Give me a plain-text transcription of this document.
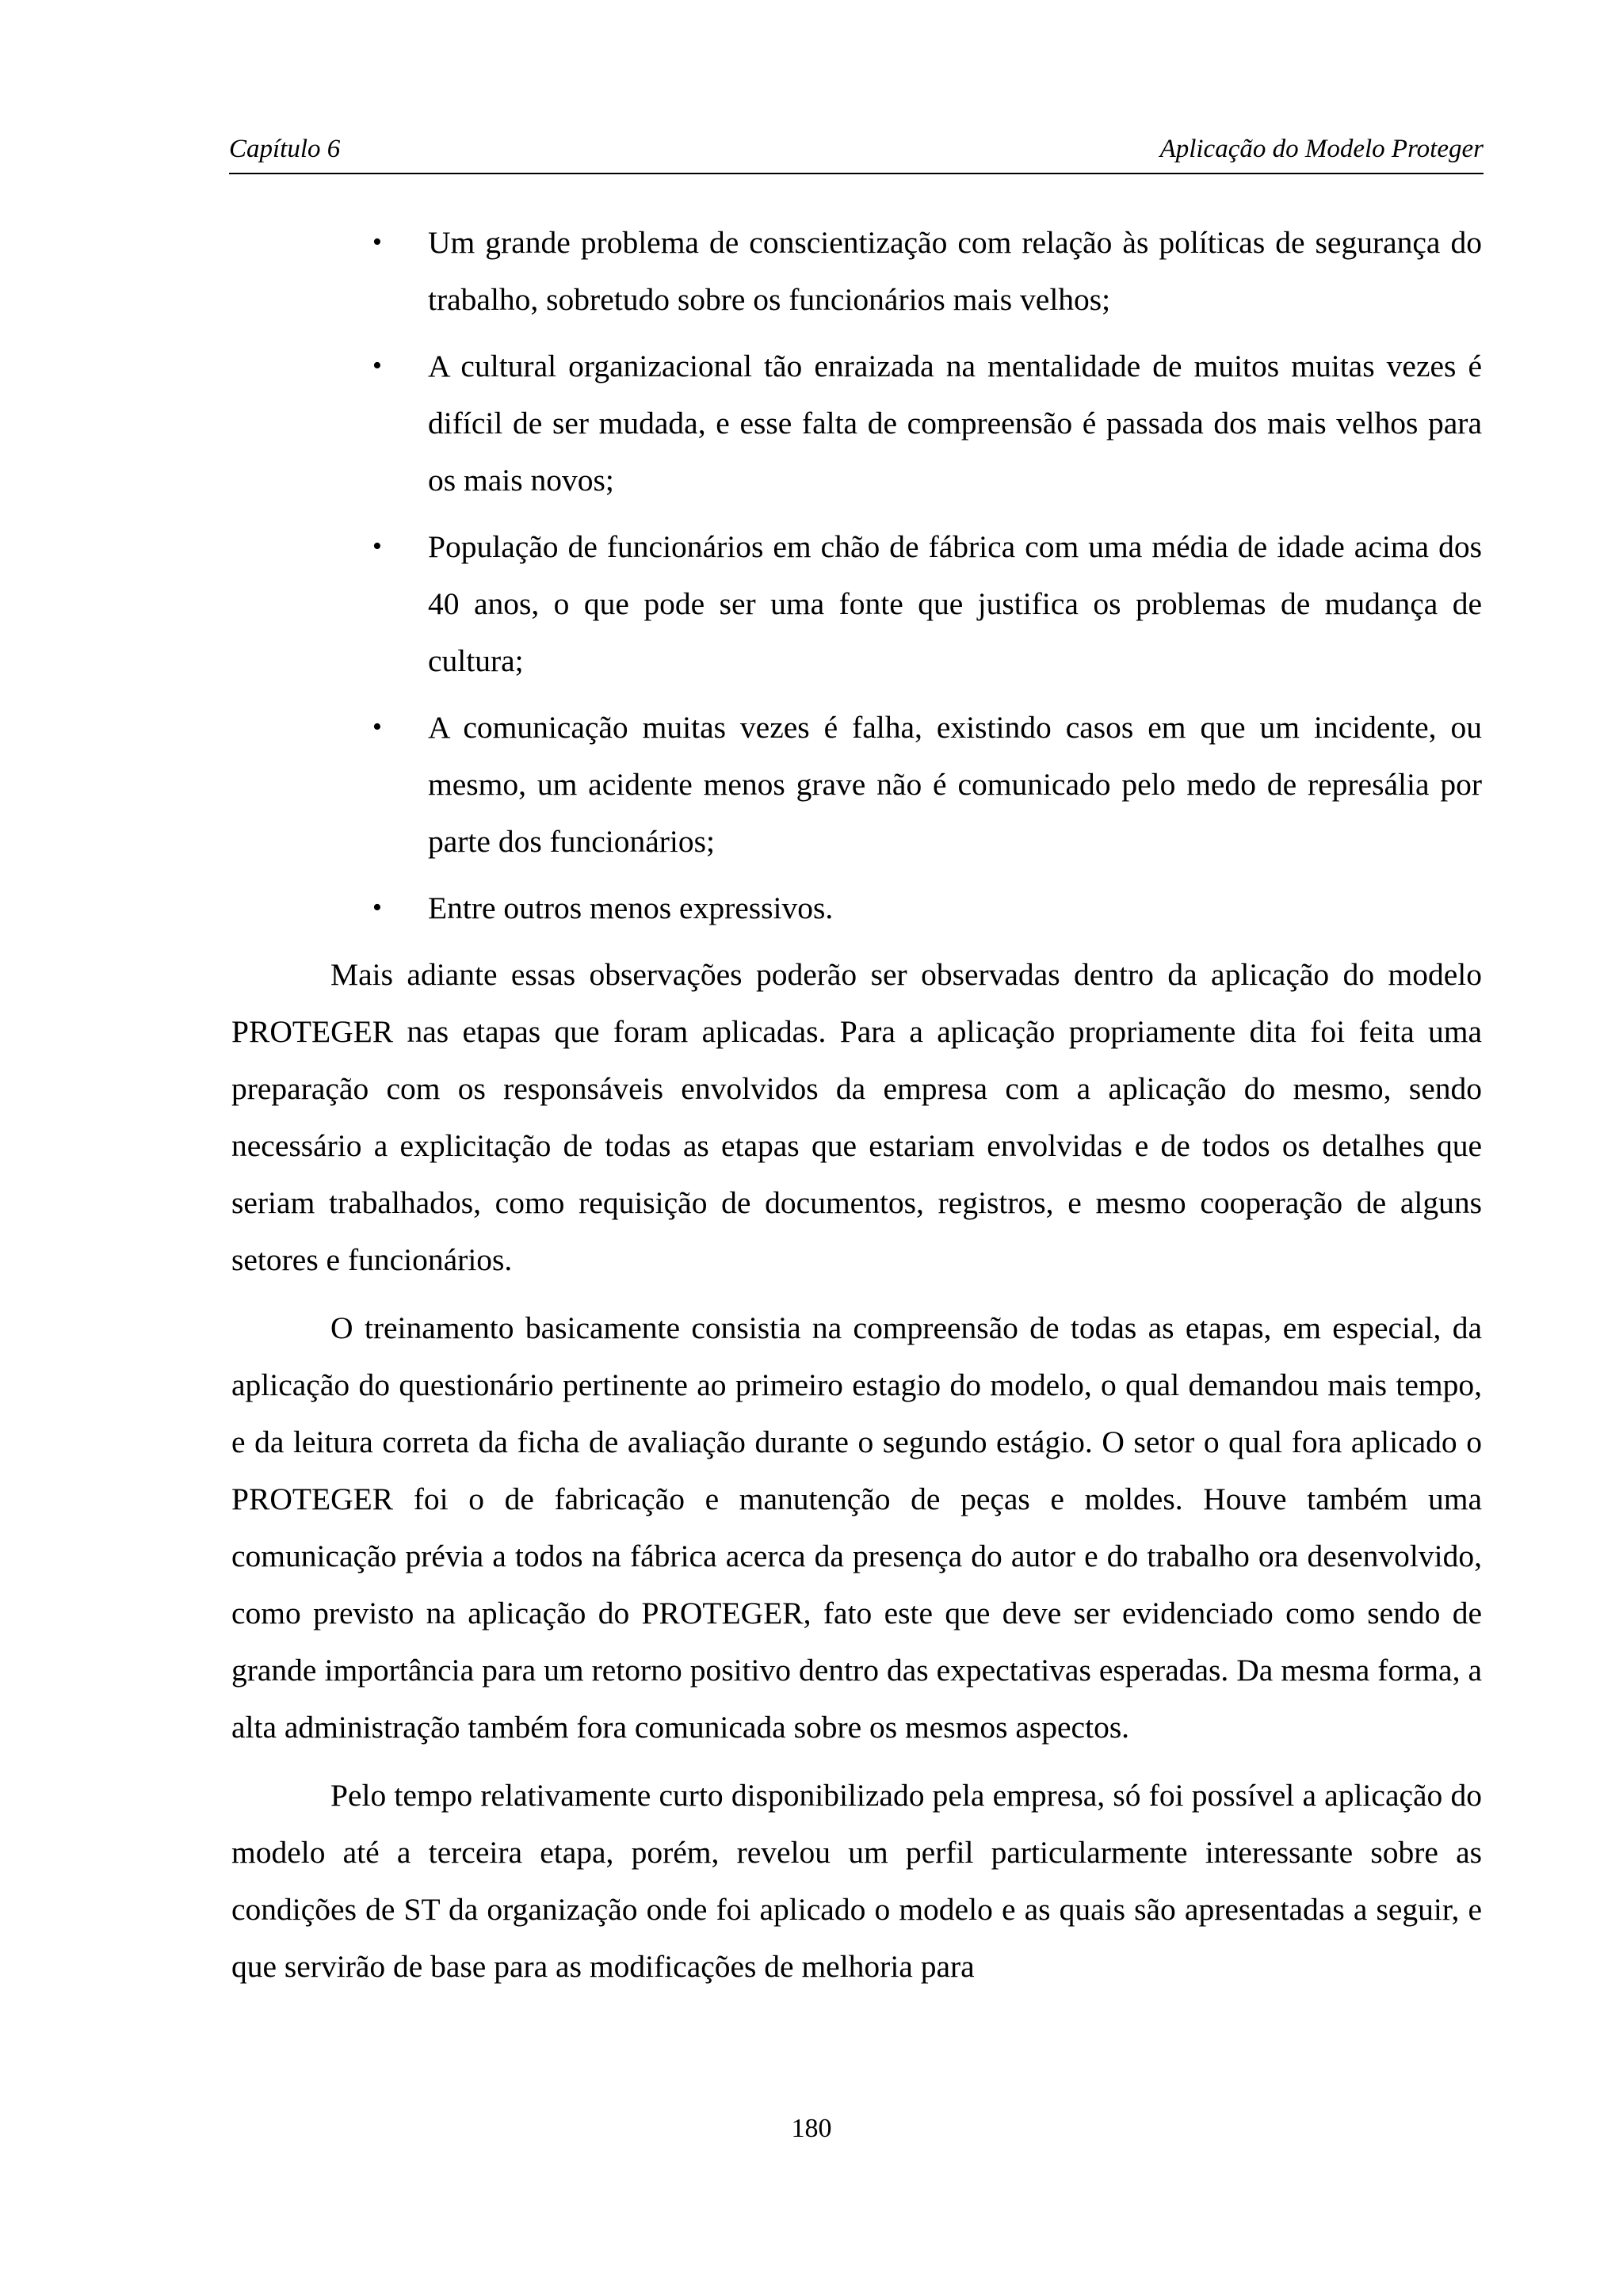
Capítulo 6	Aplicação do Modelo Proteger
• Um grande problema de conscientização com relação às políticas de segurança do trabalho, sobretudo sobre os funcionários mais velhos;
• A cultural organizacional tão enraizada na mentalidade de muitos muitas vezes é difícil de ser mudada, e esse falta de compreensão é passada dos mais velhos para os mais novos;
• População de funcionários em chão de fábrica com uma média de idade acima dos 40 anos, o que pode ser uma fonte que justifica os problemas de mudança de cultura;
• A comunicação muitas vezes é falha, existindo casos em que um incidente, ou mesmo, um acidente menos grave não é comunicado pelo medo de represália por parte dos funcionários;
• Entre outros menos expressivos.

Mais adiante essas observações poderão ser observadas dentro da aplicação do modelo PROTEGER nas etapas que foram aplicadas. Para a aplicação propriamente dita foi feita uma preparação com os responsáveis envolvidos da empresa com a aplicação do mesmo, sendo necessário a explicitação de todas as etapas que estariam envolvidas e de todos os detalhes que seriam trabalhados, como requisição de documentos, registros, e mesmo cooperação de alguns setores e funcionários.

O treinamento basicamente consistia na compreensão de todas as etapas, em especial, da aplicação do questionário pertinente ao primeiro estagio do modelo, o qual demandou mais tempo, e da leitura correta da ficha de avaliação durante o segundo estágio. O setor o qual fora aplicado o PROTEGER foi o de fabricação e manutenção de peças e moldes. Houve também uma comunicação prévia a todos na fábrica acerca da presença do autor e do trabalho ora desenvolvido, como previsto na aplicação do PROTEGER, fato este que deve ser evidenciado como sendo de grande importância para um retorno positivo dentro das expectativas esperadas. Da mesma forma, a alta administração também fora comunicada sobre os mesmos aspectos.

Pelo tempo relativamente curto disponibilizado pela empresa, só foi possível a aplicação do modelo até a terceira etapa, porém, revelou um perfil particularmente interessante sobre as condições de ST da organização onde foi aplicado o modelo e as quais são apresentadas a seguir, e que servirão de base para as modificações de melhoria para

180
